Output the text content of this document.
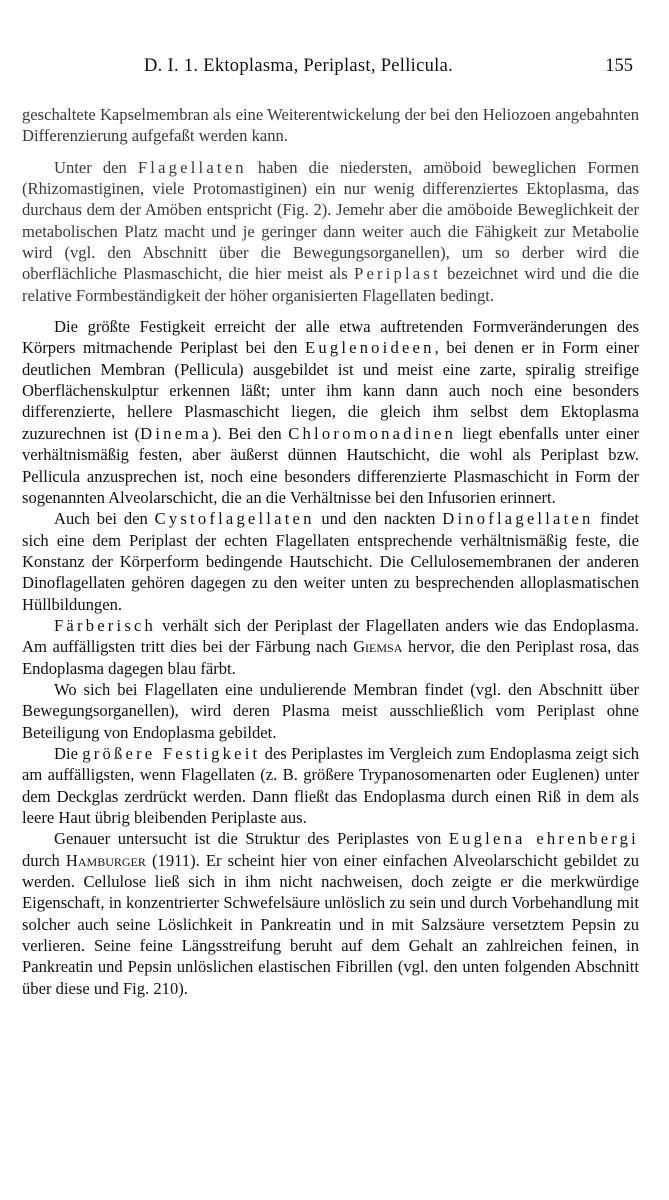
D. I. 1. Ektoplasma, Periplast, Pellicula.	155

geschaltete Kapselmembran als eine Weiterentwickelung der bei den Heliozoen angebahnten Differenzierung aufgefaßt werden kann.

Unter den Flagellaten haben die niedersten, amöboid beweglichen Formen (Rhizomastiginen, viele Protomastiginen) ein nur wenig differenziertes Ektoplasma, das durchaus dem der Amöben entspricht (Fig. 2). Jemehr aber die amöboide Beweglichkeit der metabolischen Platz macht und je geringer dann weiter auch die Fähigkeit zur Metabolie wird (vgl. den Abschnitt über die Bewegungsorganellen), um so derber wird die oberflächliche Plasmaschicht, die hier meist als Periplast bezeichnet wird und die die relative Formbeständigkeit der höher organisierten Flagellaten bedingt.

Die größte Festigkeit erreicht der alle etwa auftretenden Formveränderungen des Körpers mitmachende Periplast bei den Euglenoideen, bei denen er in Form einer deutlichen Membran (Pellicula) ausgebildet ist und meist eine zarte, spiralig streifige Oberflächenskulptur erkennen läßt; unter ihm kann dann auch noch eine besonders differenzierte, hellere Plasmaschicht liegen, die gleich ihm selbst dem Ektoplasma zuzurechnen ist (Dinema). Bei den Chloromonadinen liegt ebenfalls unter einer verhältnismäßig festen, aber äußerst dünnen Hautschicht, die wohl als Periplast bzw. Pellicula anzusprechen ist, noch eine besonders differenzierte Plasmaschicht in Form der sogenannten Alveolarschicht, die an die Verhältnisse bei den Infusorien erinnert.

Auch bei den Cystoflagellaten und den nackten Dinoflagellaten findet sich eine dem Periplast der echten Flagellaten entsprechende verhältnismäßig feste, die Konstanz der Körperform bedingende Hautschicht. Die Cellulosemembranen der anderen Dinoflagellaten gehören dagegen zu den weiter unten zu besprechenden alloplasmatischen Hüllbildungen.

Färberisch verhält sich der Periplast der Flagellaten anders wie das Endoplasma. Am auffälligsten tritt dies bei der Färbung nach Giemsa hervor, die den Periplast rosa, das Endoplasma dagegen blau färbt.

Wo sich bei Flagellaten eine undulierende Membran findet (vgl. den Abschnitt über Bewegungsorganellen), wird deren Plasma meist ausschließlich vom Periplast ohne Beteiligung von Endoplasma gebildet.

Die größere Festigkeit des Periplastes im Vergleich zum Endoplasma zeigt sich am auffälligsten, wenn Flagellaten (z. B. größere Trypanosomenarten oder Euglenen) unter dem Deckglas zerdrückt werden. Dann fließt das Endoplasma durch einen Riß in dem als leere Haut übrig bleibenden Periplaste aus.

Genauer untersucht ist die Struktur des Periplastes von Euglena ehrenbergi durch Hamburger (1911). Er scheint hier von einer einfachen Alveolarschicht gebildet zu werden. Cellulose ließ sich in ihm nicht nachweisen, doch zeigte er die merkwürdige Eigenschaft, in konzentrierter Schwefelsäure unlöslich zu sein und durch Vorbehandlung mit solcher auch seine Löslichkeit in Pankreatin und in mit Salzsäure versetztem Pepsin zu verlieren. Seine feine Längsstreifung beruht auf dem Gehalt an zahlreichen feinen, in Pankreatin und Pepsin unlöslichen elastischen Fibrillen (vgl. den unten folgenden Abschnitt über diese und Fig. 210).
